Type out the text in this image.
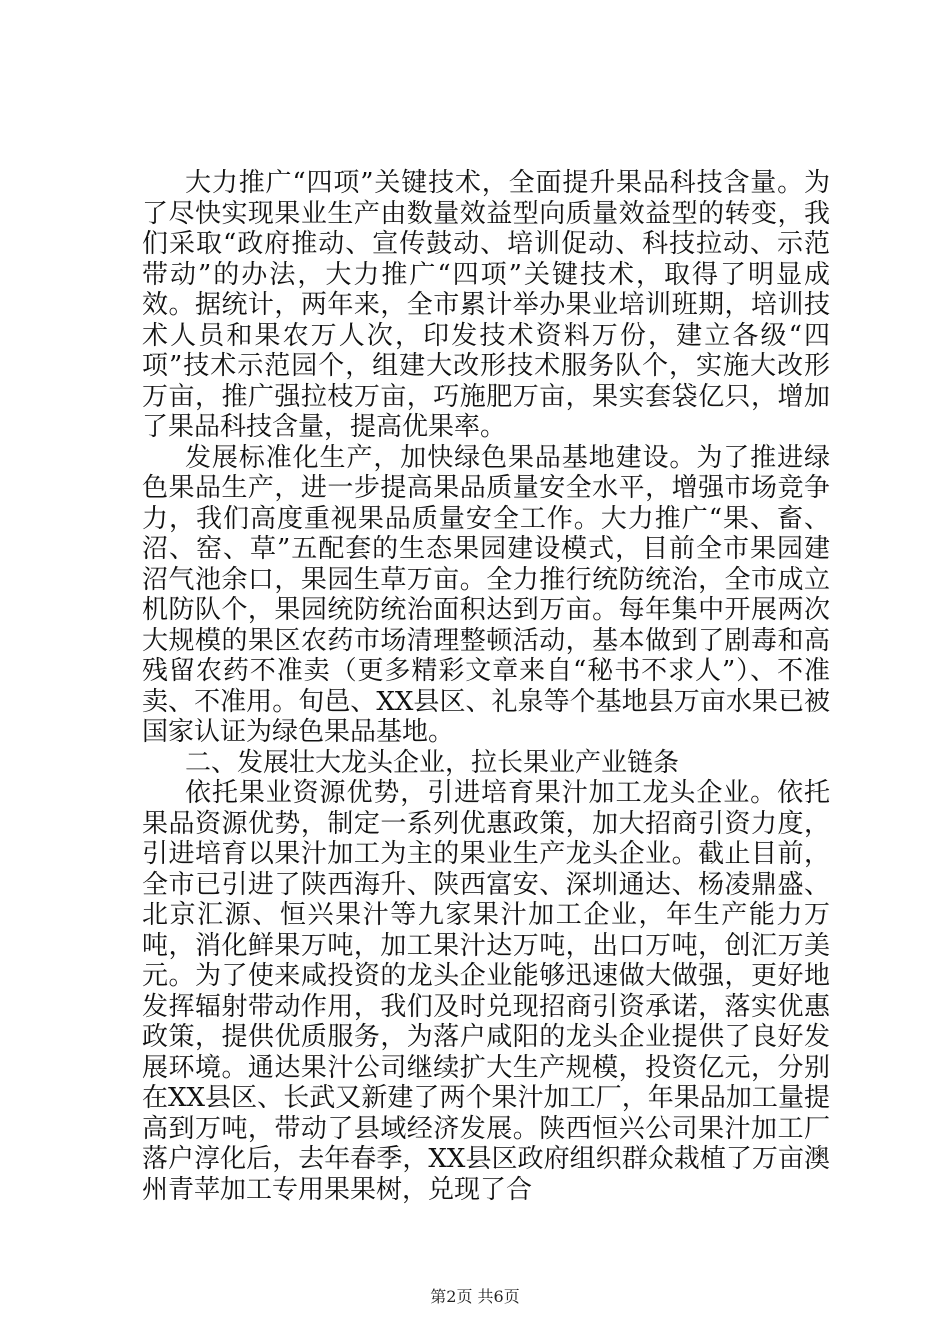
大力推广“四项”关键技术，全面提升果品科技含量。为了尽快实现果业生产由数量效益型向质量效益型的转变，我们采取“政府推动、宣传鼓动、培训促动、科技拉动、示范带动”的办法，大力推广“四项”关键技术，取得了明显成效。据统计，两年来，全市累计举办果业培训班期，培训技术人员和果农万人次，印发技术资料万份，建立各级“四项”技术示范园个，组建大改形技术服务队个，实施大改形万亩，推广强拉枝万亩，巧施肥万亩，果实套袋亿只，增加了果品科技含量，提高优果率。

发展标准化生产，加快绿色果品基地建设。为了推进绿色果品生产，进一步提高果品质量安全水平，增强市场竞争力，我们高度重视果品质量安全工作。大力推广“果、畜、沼、窑、草”五配套的生态果园建设模式，目前全市果园建沼气池余口，果园生草万亩。全力推行统防统治，全市成立机防队个，果园统防统治面积达到万亩。每年集中开展两次大规模的果区农药市场清理整顿活动，基本做到了剧毒和高残留农药不准卖（更多精彩文章来自“秘书不求人”）、不准卖、不准用。旬邑、XX县区、礼泉等个基地县万亩水果已被国家认证为绿色果品基地。

二、发展壮大龙头企业，拉长果业产业链条

依托果业资源优势，引进培育果汁加工龙头企业。依托果品资源优势，制定一系列优惠政策，加大招商引资力度，引进培育以果汁加工为主的果业生产龙头企业。截止目前，全市已引进了陕西海升、陕西富安、深圳通达、杨凌鼎盛、北京汇源、恒兴果汁等九家果汁加工企业，年生产能力万吨，消化鲜果万吨，加工果汁达万吨，出口万吨，创汇万美元。为了使来咸投资的龙头企业能够迅速做大做强，更好地发挥辐射带动作用，我们及时兑现招商引资承诺，落实优惠政策，提供优质服务，为落户咸阳的龙头企业提供了良好发展环境。通达果汁公司继续扩大生产规模，投资亿元，分别在XX县区、长武又新建了两个果汁加工厂，年果品加工量提高到万吨，带动了县域经济发展。陕西恒兴公司果汁加工厂落户淳化后，去年春季，XX县区政府组织群众栽植了万亩澳州青苹加工专用果果树，兑现了合

第2页 共6页
